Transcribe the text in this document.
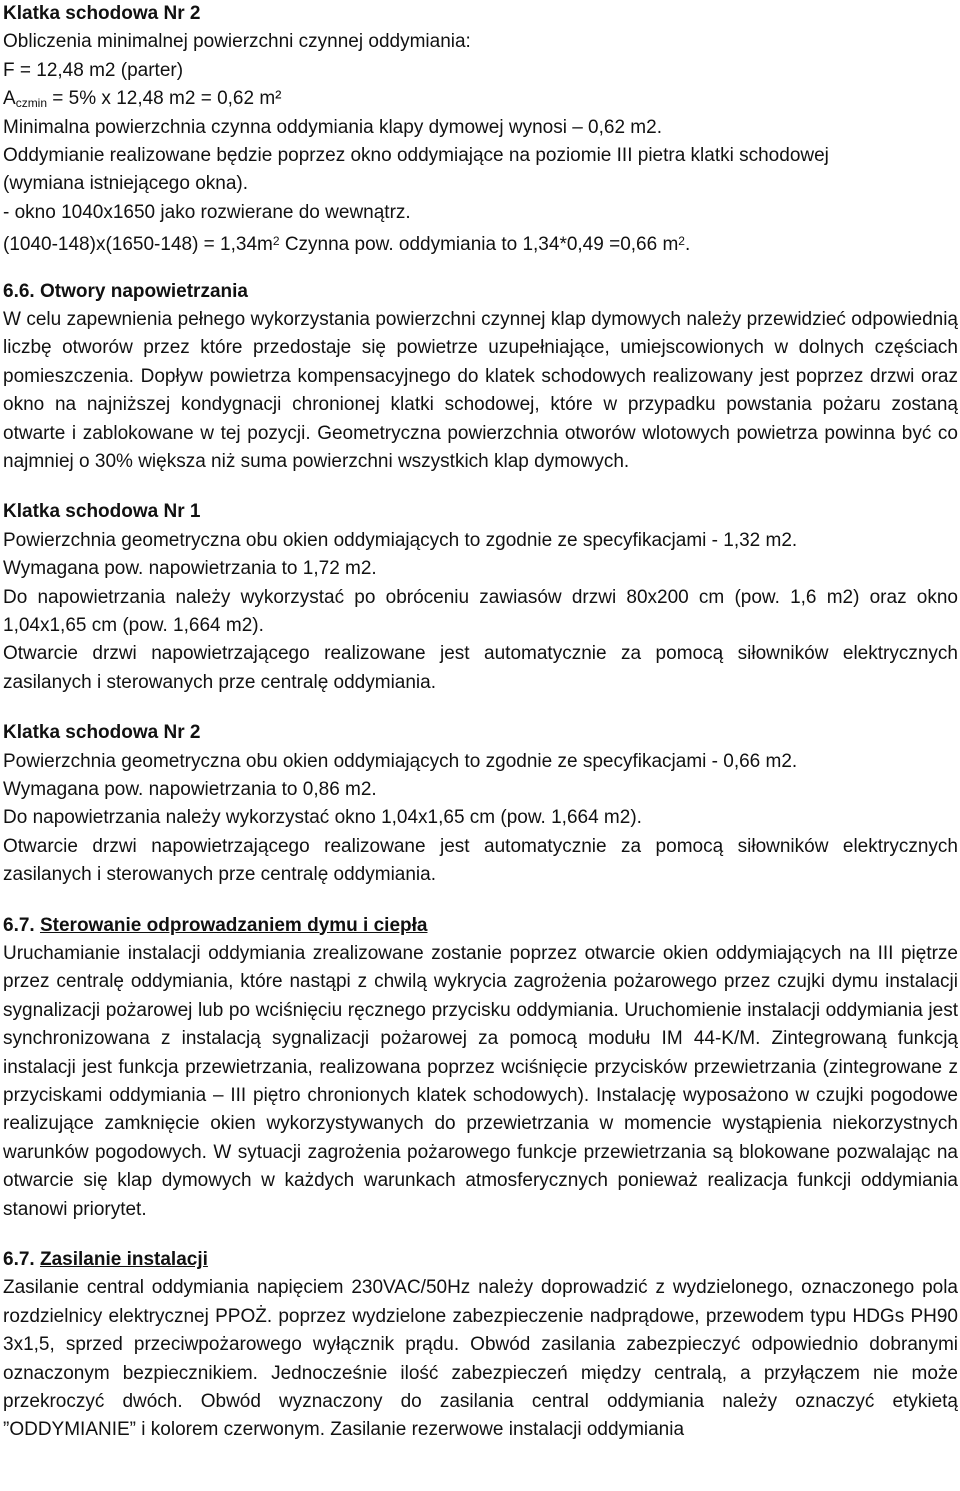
Klatka schodowa Nr 2
Obliczenia minimalnej powierzchni czynnej oddymiania:
F = 12,48 m2 (parter)
$A_{czmin} = 5\%$ x 12,48 m2 = 0,62 m²
Minimalna powierzchnia czynna oddymiania klapy dymowej wynosi – 0,62 m2.
Oddymianie realizowane będzie poprzez okno oddymiające na poziomie III pietra klatki schodowej
(wymiana istniejącego okna).
- okno 1040x1650 jako rozwierane do wewnątrz.
$(1040-148)x(1650-148) = 1,34m^2$ Czynna pow. oddymiania to 1,34*0,49 =0,66 $m^2$.
6.6. Otwory napowietrzania

W celu zapewnienia pełnego wykorzystania powierzchni czynnej klap dymowych należy przewidzieć odpowiednią liczbę otworów przez które przedostaje się powietrze uzupełniające, umiejscowionych w dolnych częściach pomieszczenia. Dopływ powietrza kompensacyjnego do klatek schodowych realizowany jest poprzez drzwi oraz okno na najniższej kondygnacji chronionej klatki schodowej, które w przypadku powstania pożaru zostaną otwarte i zablokowane w tej pozycji. Geometryczna powierzchnia otworów wlotowych powietrza powinna być co najmniej o 30% większa niż suma powierzchni wszystkich klap dymowych.

Klatka schodowa Nr 1
Powierzchnia geometryczna obu okien oddymiających to zgodnie ze specyfikacjami - 1,32 m2.
Wymagana pow. napowietrzania to 1,72 m2.

Do napowietrzania należy wykorzystać po obróceniu zawiasów drzwi 80x200 cm (pow. 1,6 m2) oraz okno 1,04x1,65 cm (pow. 1,664 m2).

Otwarcie drzwi napowietrzającego realizowane jest automatycznie za pomocą siłowników elektrycznych zasilanych i sterowanych prze centralę oddymiania.

Klatka schodowa Nr 2
Powierzchnia geometryczna obu okien oddymiających to zgodnie ze specyfikacjami - 0,66 m2.
Wymagana pow. napowietrzania to 0,86 m2.
Do napowietrzania należy wykorzystać okno 1,04x1,65 cm (pow. 1,664 m2).

Otwarcie drzwi napowietrzającego realizowane jest automatycznie za pomocą siłowników elektrycznych zasilanych i sterowanych prze centralę oddymiania.

6.7. Sterowanie odprowadzaniem dymu i ciepła

Uruchamianie instalacji oddymiania zrealizowane zostanie poprzez otwarcie okien oddymiających na III piętrze przez centralę oddymiania, które nastąpi z chwilą wykrycia zagrożenia pożarowego przez czujki dymu instalacji sygnalizacji pożarowej lub po wciśnięciu ręcznego przycisku oddymiania. Uruchomienie instalacji oddymiania jest synchronizowana z instalacją sygnalizacji pożarowej za pomocą modułu IM 44-K/M. Zintegrowaną funkcją instalacji jest funkcja przewietrzania, realizowana poprzez wciśnięcie przycisków przewietrzania (zintegrowane z przyciskami oddymiania – III piętro chronionych klatek schodowych). Instalację wyposażono w czujki pogodowe realizujące zamknięcie okien wykorzystywanych do przewietrzania w momencie wystąpienia niekorzystnych warunków pogodowych. W sytuacji zagrożenia pożarowego funkcje przewietrzania są blokowane pozwalając na otwarcie się klap dymowych w każdych warunkach atmosferycznych ponieważ realizacja funkcji oddymiania stanowi priorytet.

6.7. Zasilanie instalacji

Zasilanie central oddymiania napięciem 230VAC/50Hz należy doprowadzić z wydzielonego, oznaczonego pola rozdzielnicy elektrycznej PPOŻ. poprzez wydzielone zabezpieczenie nadprądowe, przewodem typu HDGs PH90 3x1,5, sprzed przeciwpożarowego wyłącznik prądu. Obwód zasilania zabezpieczyć odpowiednio dobranymi oznaczonym bezpiecznikiem. Jednocześnie ilość zabezpieczeń między centralą, a przyłączem nie może przekroczyć dwóch. Obwód wyznaczony do zasilania central oddymiania należy oznaczyć etykietą ”ODDYMIANIE” i kolorem czerwonym. Zasilanie rezerwowe instalacji oddymiania
